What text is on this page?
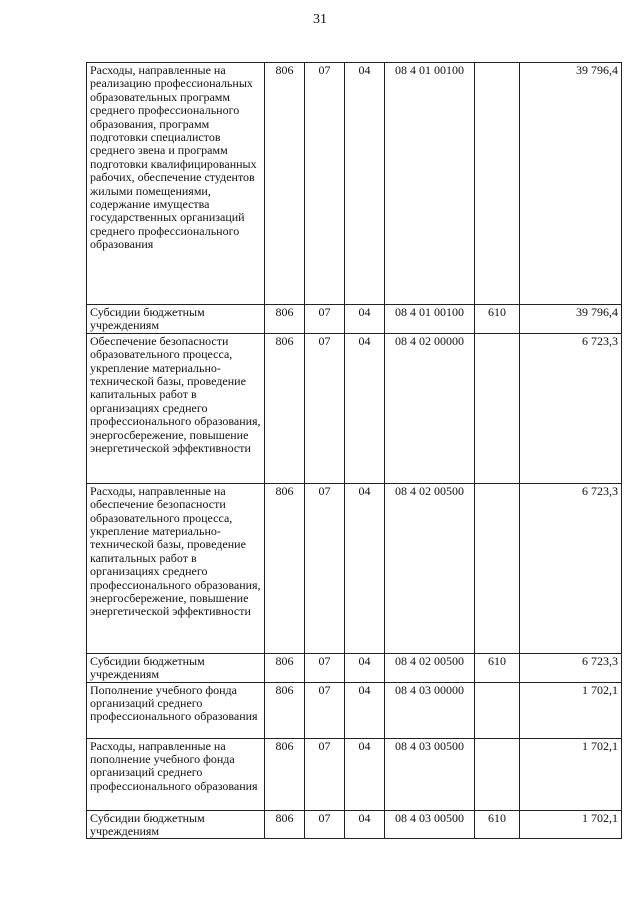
31
Расходы, направленные на реализацию профессиональных образовательных программ среднего профессионального образования, программ подготовки специалистов среднего звена и программ подготовки квалифицированных рабочих, обеспечение студентов жилыми помещениями, содержание имущества государственных организаций среднего профессионального образования	806	07	04	08 4 01 00100		39 796,4
Субсидии бюджетным учреждениям	806	07	04	08 4 01 00100	610	39 796,4
Обеспечение безопасности образовательного процесса, укрепление материально-технической базы, проведение капитальных работ в организациях среднего профессионального образования, энергосбережение, повышение энергетической эффективности	806	07	04	08 4 02 00000		6 723,3
Расходы, направленные на обеспечение безопасности образовательного процесса, укрепление материально-технической базы, проведение капитальных работ в организациях среднего профессионального образования, энергосбережение, повышение энергетической эффективности	806	07	04	08 4 02 00500		6 723,3
Субсидии бюджетным учреждениям	806	07	04	08 4 02 00500	610	6 723,3
Пополнение учебного фонда организаций среднего профессионального образования	806	07	04	08 4 03 00000		1 702,1
Расходы, направленные на пополнение учебного фонда организаций среднего профессионального образования	806	07	04	08 4 03 00500		1 702,1
Субсидии бюджетным учреждениям	806	07	04	08 4 03 00500	610	1 702,1
